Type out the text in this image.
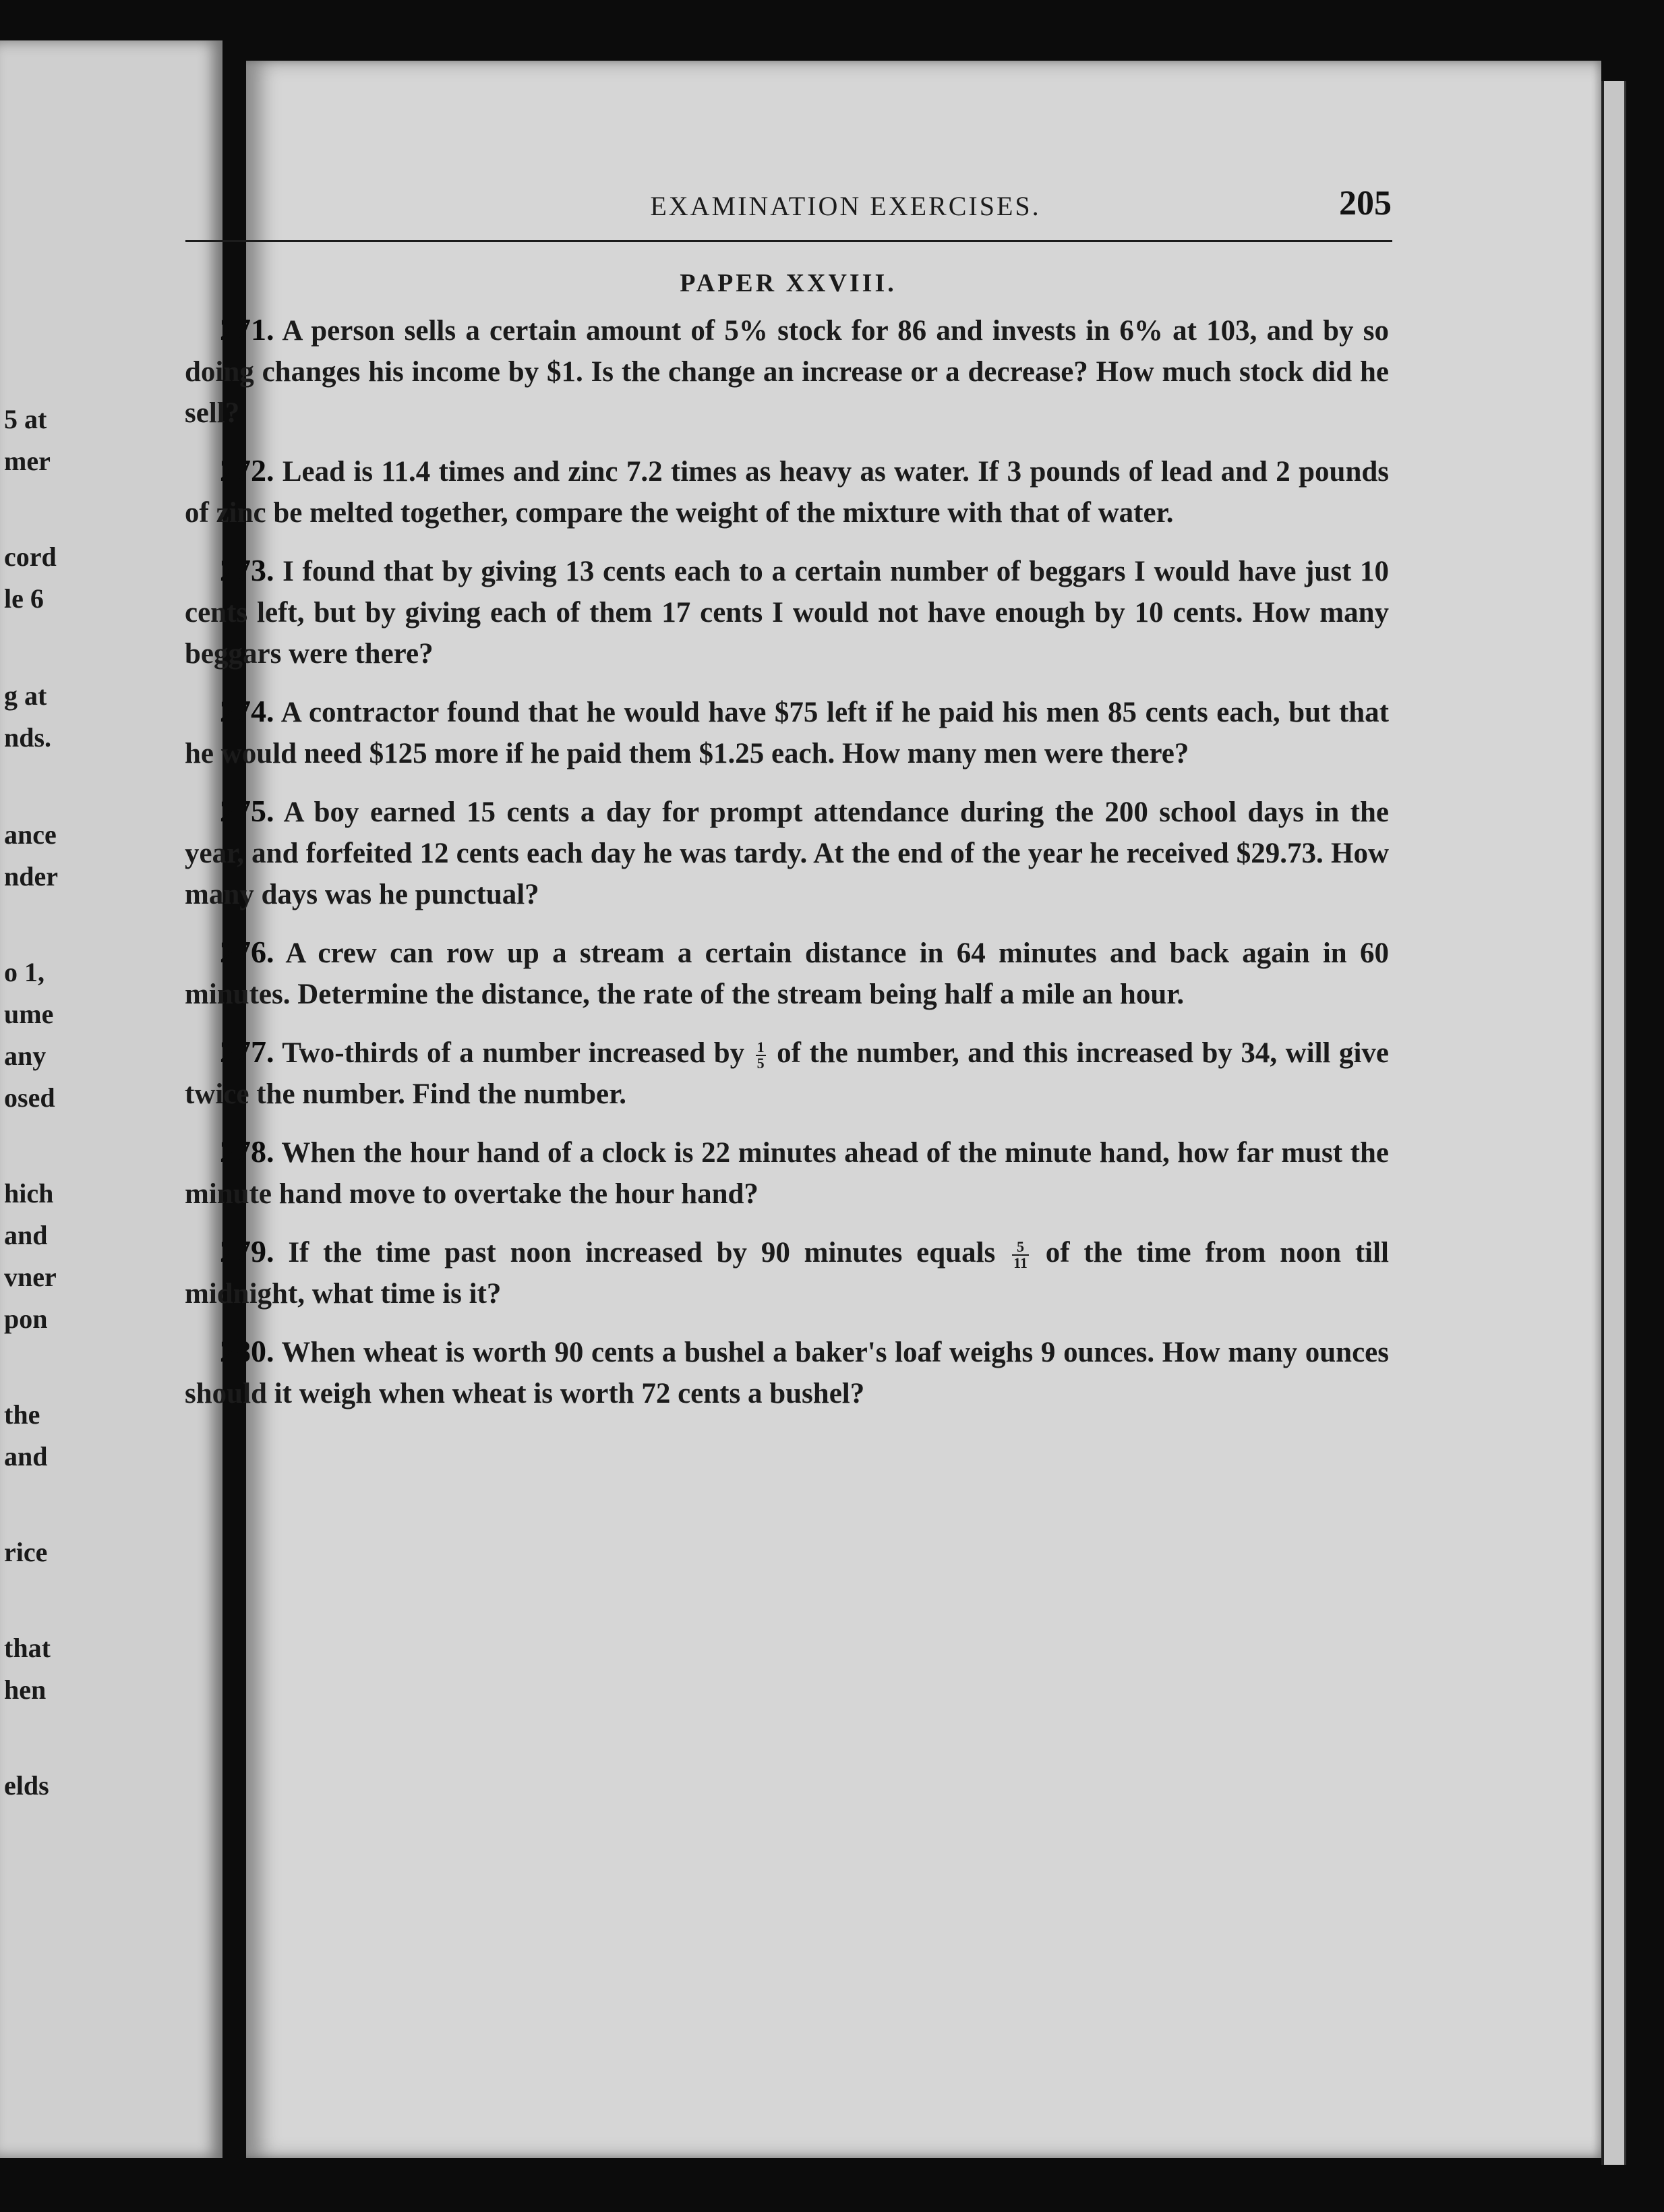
5 at
mer
cord
le 6
g at
nds.
ance
nder
o 1,
ume
any
osed
hich
and
vner
pon
the
and
rice
that
hen
elds
EXAMINATION EXERCISES.	205
PAPER XXVIII.

271. A person sells a certain amount of 5% stock for 86 and invests in 6% at 103, and by so doing changes his income by $1. Is the change an increase or a decrease? How much stock did he sell?

272. Lead is 11.4 times and zinc 7.2 times as heavy as water. If 3 pounds of lead and 2 pounds of zinc be melted together, compare the weight of the mixture with that of water.

273. I found that by giving 13 cents each to a certain number of beggars I would have just 10 cents left, but by giving each of them 17 cents I would not have enough by 10 cents. How many beggars were there?

274. A contractor found that he would have $75 left if he paid his men 85 cents each, but that he would need $125 more if he paid them $1.25 each. How many men were there?

275. A boy earned 15 cents a day for prompt attendance during the 200 school days in the year, and forfeited 12 cents each day he was tardy. At the end of the year he received $29.73. How many days was he punctual?

276. A crew can row up a stream a certain distance in 64 minutes and back again in 60 minutes. Determine the distance, the rate of the stream being half a mile an hour.

277. Two-thirds of a number increased by $\frac{1}{5}$ of the number, and this increased by 34, will give twice the number. Find the number.

278. When the hour hand of a clock is 22 minutes ahead of the minute hand, how far must the minute hand move to overtake the hour hand?

279. If the time past noon increased by 90 minutes equals $\frac{5}{11}$ of the time from noon till midnight, what time is it?

280. When wheat is worth 90 cents a bushel a baker's loaf weighs 9 ounces. How many ounces should it weigh when wheat is worth 72 cents a bushel?
